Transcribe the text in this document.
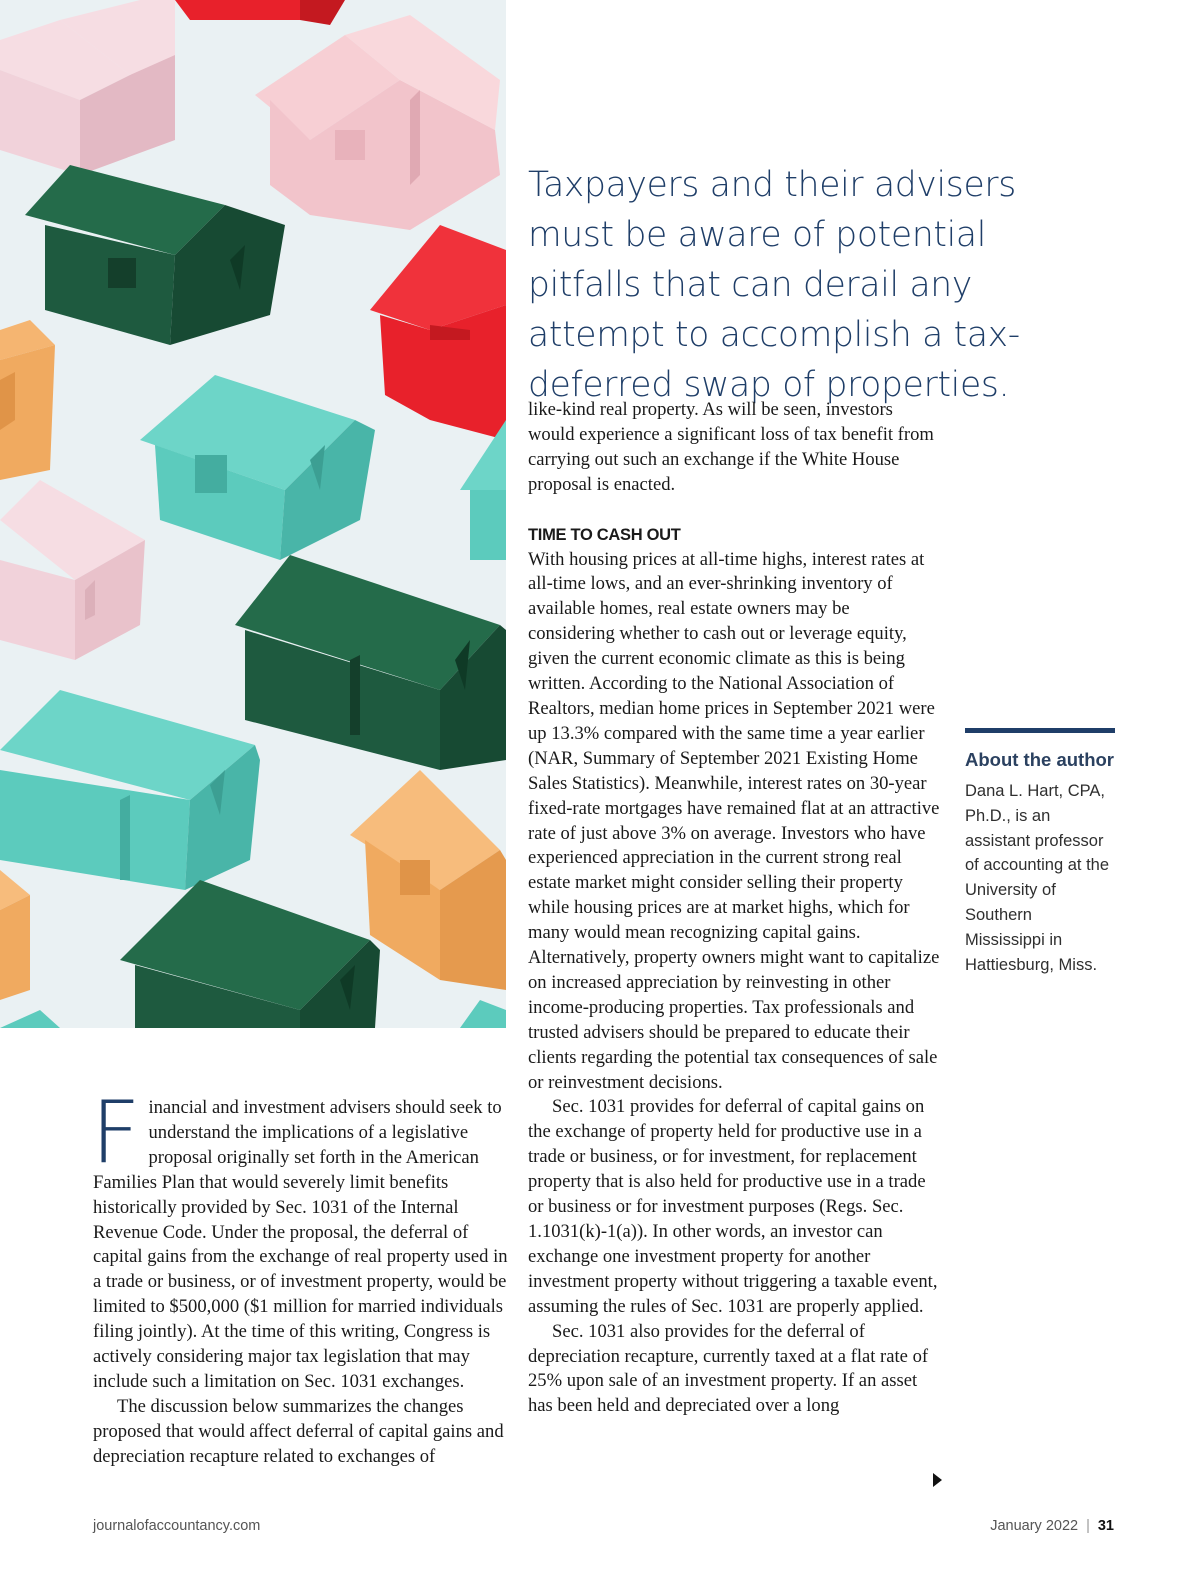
Taxpayers and their advisers must be aware of potential pitfalls that can derail any attempt to accomplish a tax-deferred swap of properties.

like-kind real property. As will be seen, investors would experience a significant loss of tax benefit from carrying out such an exchange if the White House proposal is enacted.

TIME TO CASH OUT

With housing prices at all-time highs, interest rates at all-time lows, and an ever-shrinking inventory of available homes, real estate owners may be considering whether to cash out or leverage equity, given the current economic climate as this is being written. According to the National Association of Realtors, median home prices in September 2021 were up 13.3% compared with the same time a year earlier (NAR, Summary of September 2021 Existing Home Sales Statistics). Meanwhile, interest rates on 30-year fixed-rate mortgages have remained flat at an attractive rate of just above 3% on average. Investors who have experienced appreciation in the current strong real estate market might consider selling their property while housing prices are at market highs, which for many would mean recognizing capital gains. Alternatively, property owners might want to capitalize on increased appreciation by reinvesting in other income-producing properties. Tax professionals and trusted advisers should be prepared to educate their clients regarding the potential tax consequences of sale or reinvestment decisions.

Sec. 1031 provides for deferral of capital gains on the exchange of property held for productive use in a trade or business, or for investment, for replacement property that is also held for productive use in a trade or business or for investment purposes (Regs. Sec. 1.1031(k)-1(a)). In other words, an investor can exchange one investment property for another investment property without triggering a taxable event, assuming the rules of Sec. 1031 are properly applied.

Sec. 1031 also provides for the deferral of depreciation recapture, currently taxed at a flat rate of 25% upon sale of an investment property. If an asset has been held and depreciated over a long

Financial and investment advisers should seek to understand the implications of a legislative proposal originally set forth in the American Families Plan that would severely limit benefits historically provided by Sec. 1031 of the Internal Revenue Code. Under the proposal, the deferral of capital gains from the exchange of real property used in a trade or business, or of investment property, would be limited to $500,000 ($1 million for married individuals filing jointly). At the time of this writing, Congress is actively considering major tax legislation that may include such a limitation on Sec. 1031 exchanges.

The discussion below summarizes the changes proposed that would affect deferral of capital gains and depreciation recapture related to exchanges of

About the author
Dana L. Hart, CPA, Ph.D., is an assistant professor of accounting at the University of Southern Mississippi in Hattiesburg, Miss.
journalofaccountancy.com	January 2022 | 31
